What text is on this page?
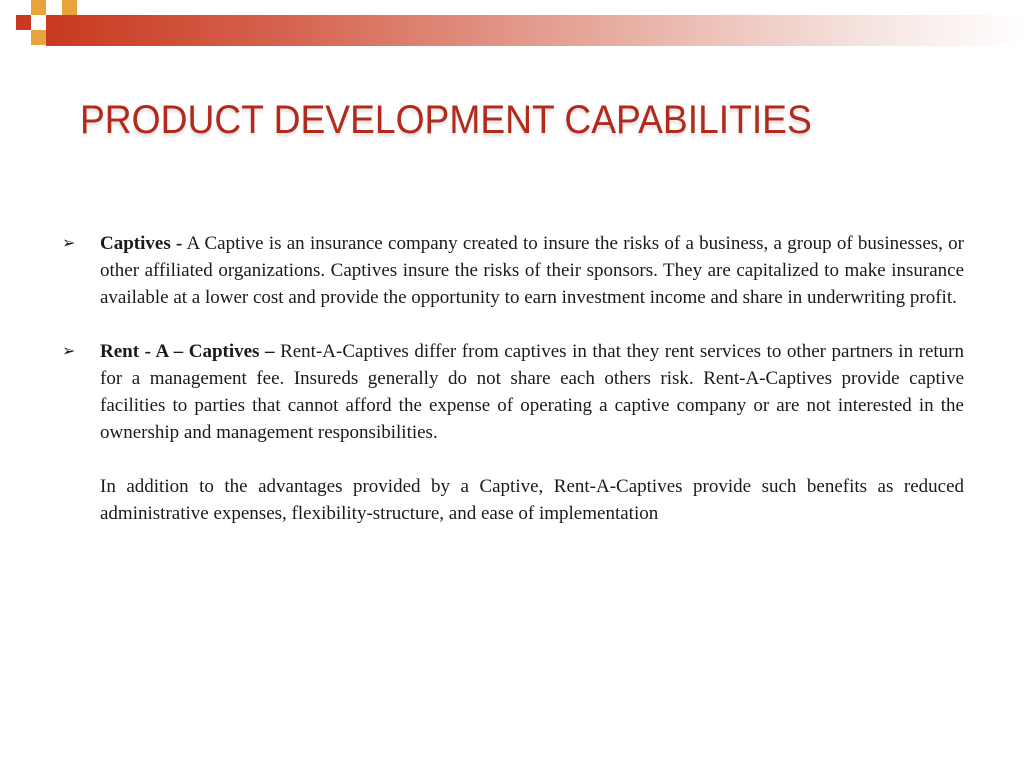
PRODUCT DEVELOPMENT CAPABILITIES
➢ Captives - A Captive is an insurance company created to insure the risks of a business, a group of businesses, or other affiliated organizations. Captives insure the risks of their sponsors. They are capitalized to make insurance available at a lower cost and provide the opportunity to earn investment income and share in underwriting profit.
➢ Rent - A – Captives – Rent-A-Captives differ from captives in that they rent services to other partners in return for a management fee. Insureds generally do not share each others risk. Rent-A-Captives provide captive facilities to parties that cannot afford the expense of operating a captive company or are not interested in the ownership and management responsibilities.
In addition to the advantages provided by a Captive, Rent-A-Captives provide such benefits as reduced administrative expenses, flexibility-structure, and ease of implementation
